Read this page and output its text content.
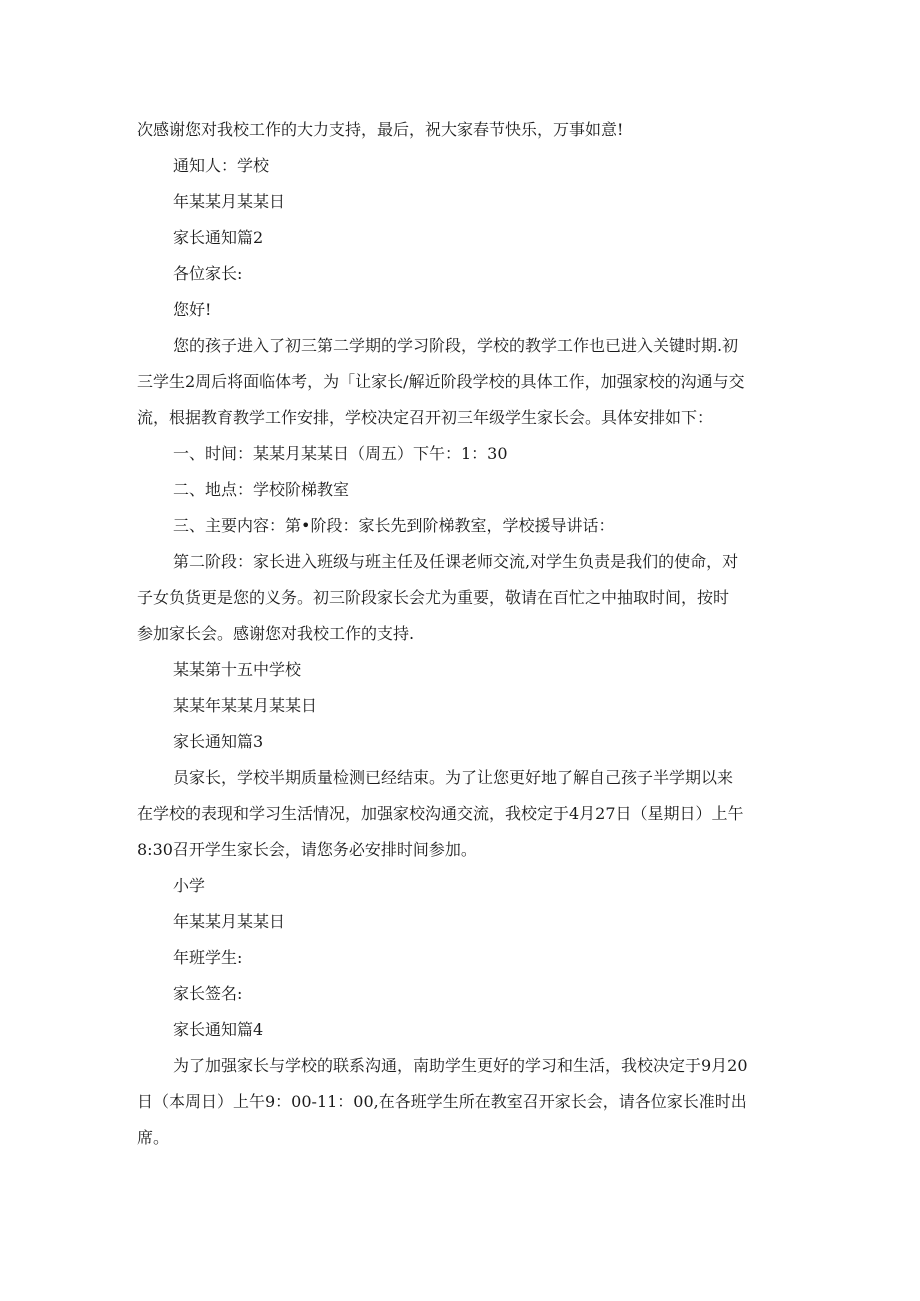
次感谢您对我校工作的大力支持，最后，祝大家春节快乐，万事如意!

通知人：学校

年某某月某某日

家长通知篇2

各位家长:

您好!

您的孩子进入了初三第二学期的学习阶段，学校的教学工作也已进入关键时期.初

三学生2周后将面临体考，为「让家长/解近阶段学校的具体工作，加强家校的沟通与交

流，根据教育教学工作安排，学校决定召开初三年级学生家长会。具体安排如下：

一、时间：某某月某某日（周五）下午：1：30

二、地点：学校阶梯教室

三、主要内容：第•阶段：家长先到阶梯教室，学校援导讲话：

第二阶段：家长进入班级与班主任及任课老师交流,对学生负责是我们的使命，对

子女负货更是您的义务。初三阶段家长会尤为重要，敬请在百忙之中抽取时间，按时

参加家长会。感谢您对我校工作的支持.

某某第十五中学校

某某年某某月某某日

家长通知篇3

员家长，学校半期质量检测已经结束。为了让您更好地了解自己孩子半学期以来

在学校的表现和学习生活情况，加强家校沟通交流，我校定于4月27日（星期日）上午

8:30召开学生家长会，请您务必安排时间参加。

小学

年某某月某某日

年班学生:

家长签名:

家长通知篇4

为了加强家长与学校的联系沟通，南助学生更好的学习和生活，我校决定于9月20

日（本周日）上午9：00-11：00,在各班学生所在教室召开家长会，请各位家长准时出

席。
